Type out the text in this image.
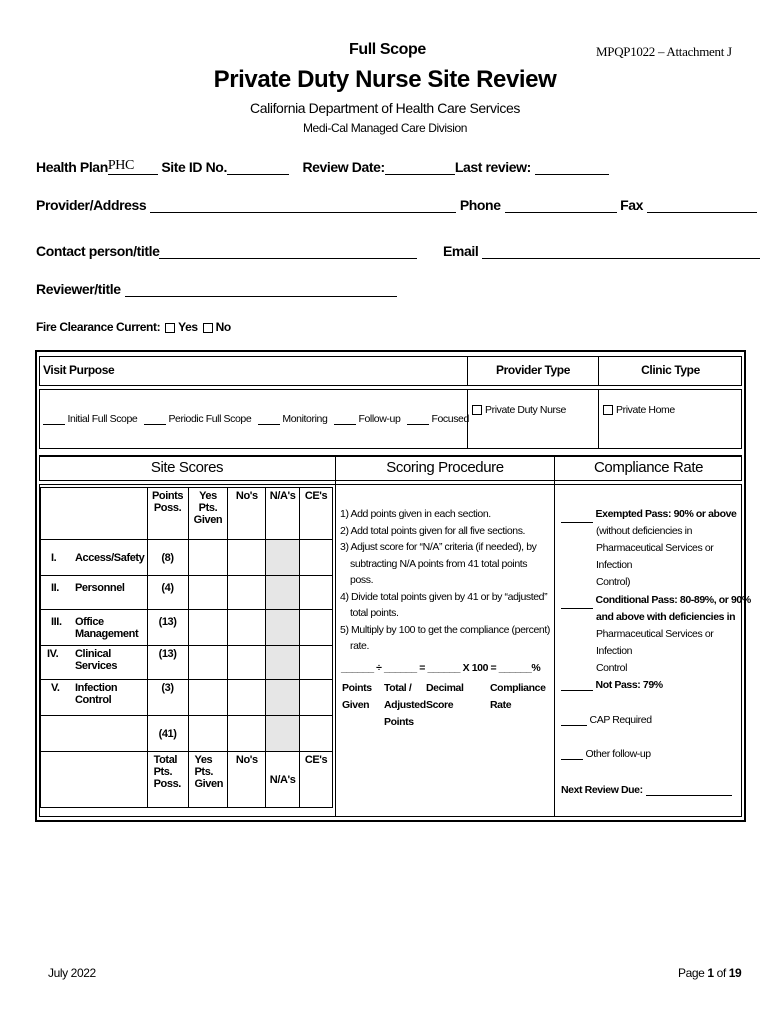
Full Scope	MPQP1022 – Attachment J
Private Duty Nurse Site Review
California Department of Health Care Services
Medi-Cal Managed Care Division
Health PlanPHC Site ID No.	Review Date:	Last review:
Provider/Address	Phone	Fax
Contact person/title	Email
Reviewer/title
Fire Clearance Current: Yes No
Visit Purpose	Provider Type	Clinic Type
Initial Full Scope	Periodic Full Scope	Monitoring	Follow-up	Focused
Private Duty Nurse	Private Home
Site Scores	Scoring Procedure	Compliance Rate
	Points Poss.	Yes Pts. Given	No's	N/A's	CE's
I. Access/Safety	(8)				
II. Personnel	(4)				
III. Office Management	(13)				
IV. Clinical Services	(13)				
V. Infection Control	(3)				
	(41)				
	Total Pts. Poss.	Yes Pts. Given	No's	N/A's	CE's
1) Add points given in each section.
2) Add total points given for all five sections.
3) Adjust score for “N/A” criteria (if needed), by
subtracting N/A points from 41 total points poss.
4) Divide total points given by 41 or by “adjusted”
total points.
5) Multiply by 100 to get the compliance (percent)
rate.
______ ÷ ______ = ______ X 100 = ______%
Points Given
Total / Adjusted Points
Decimal Score
Compliance Rate
Exempted Pass: 90% or above
(without deficiencies in
Pharmaceutical Services or Infection
Control)
Conditional Pass: 80-89%, or 90%
and above with deficiencies in
Pharmaceutical Services or Infection
Control
Not Pass: 79%
CAP Required
Other follow-up
Next Review Due:
July 2022	Page 1 of 19
